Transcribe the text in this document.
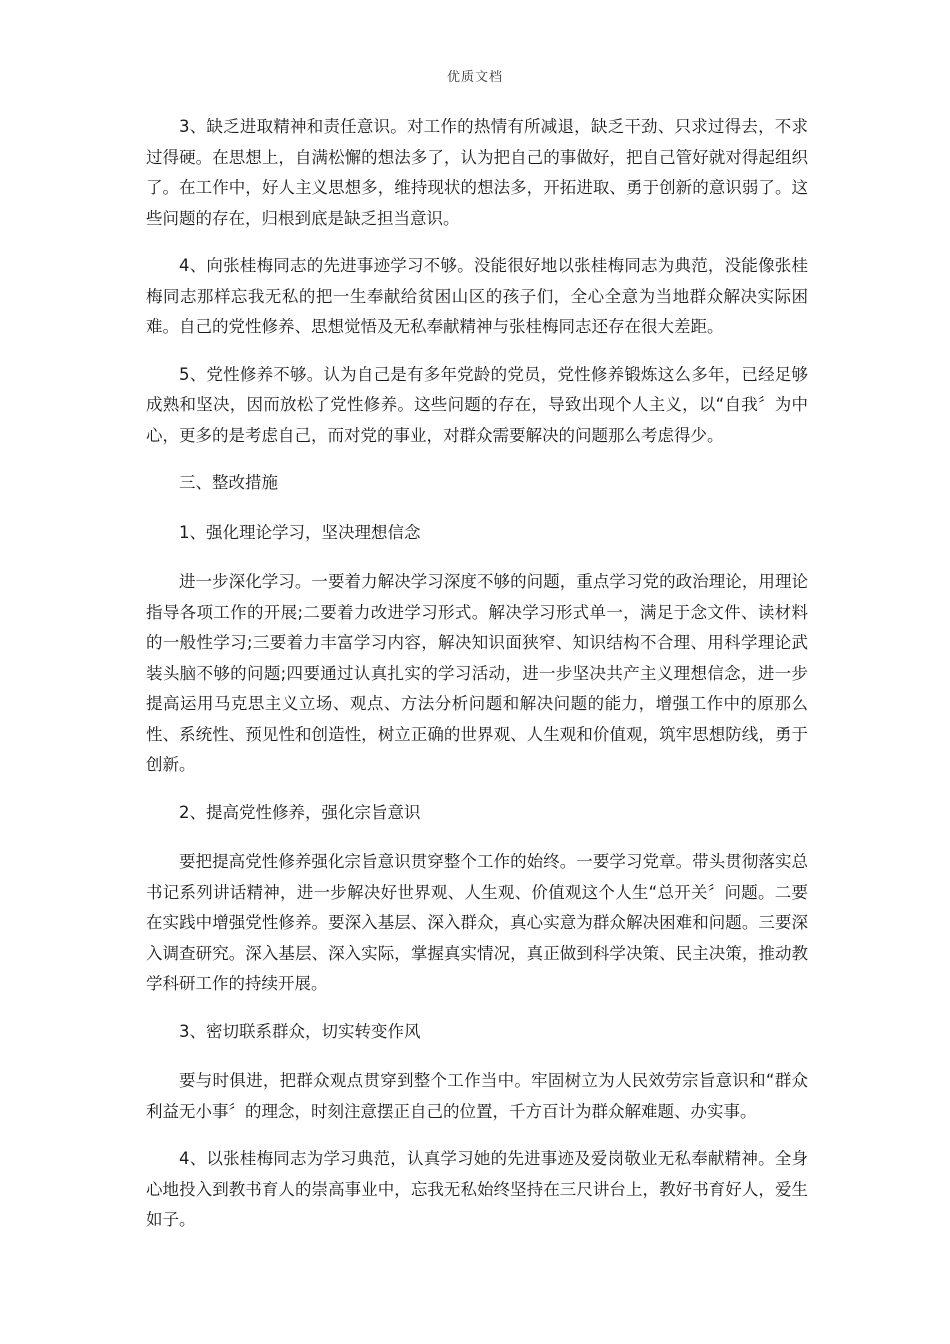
优质文档

3、缺乏进取精神和责任意识。对工作的热情有所减退，缺乏干劲、只求过得去，不求过得硬。在思想上，自满松懈的想法多了，认为把自己的事做好，把自己管好就对得起组织了。在工作中，好人主义思想多，维持现状的想法多，开拓进取、勇于创新的意识弱了。这些问题的存在，归根到底是缺乏担当意识。

4、向张桂梅同志的先进事迹学习不够。没能很好地以张桂梅同志为典范，没能像张桂梅同志那样忘我无私的把一生奉献给贫困山区的孩子们，全心全意为当地群众解决实际困难。自己的党性修养、思想觉悟及无私奉献精神与张桂梅同志还存在很大差距。

5、党性修养不够。认为自己是有多年党龄的党员，党性修养锻炼这么多年，已经足够成熟和坚决，因而放松了党性修养。这些问题的存在，导致出现个人主义，以“自我〞为中心，更多的是考虑自己，而对党的事业，对群众需要解决的问题那么考虑得少。

三、整改措施

1、强化理论学习，坚决理想信念

进一步深化学习。一要着力解决学习深度不够的问题，重点学习党的政治理论，用理论指导各项工作的开展;二要着力改进学习形式。解决学习形式单一，满足于念文件、读材料的一般性学习;三要着力丰富学习内容，解决知识面狭窄、知识结构不合理、用科学理论武装头脑不够的问题;四要通过认真扎实的学习活动，进一步坚决共产主义理想信念，进一步提高运用马克思主义立场、观点、方法分析问题和解决问题的能力，增强工作中的原那么性、系统性、预见性和创造性，树立正确的世界观、人生观和价值观，筑牢思想防线，勇于创新。

2、提高党性修养，强化宗旨意识

要把提高党性修养强化宗旨意识贯穿整个工作的始终。一要学习党章。带头贯彻落实总书记系列讲话精神，进一步解决好世界观、人生观、价值观这个人生“总开关〞问题。二要在实践中增强党性修养。要深入基层、深入群众，真心实意为群众解决困难和问题。三要深入调查研究。深入基层、深入实际，掌握真实情况，真正做到科学决策、民主决策，推动教学科研工作的持续开展。

3、密切联系群众，切实转变作风

要与时俱进，把群众观点贯穿到整个工作当中。牢固树立为人民效劳宗旨意识和“群众利益无小事〞的理念，时刻注意摆正自己的位置，千方百计为群众解难题、办实事。

4、以张桂梅同志为学习典范，认真学习她的先进事迹及爱岗敬业无私奉献精神。全身心地投入到教书育人的崇高事业中，忘我无私始终坚持在三尺讲台上，教好书育好人，爱生如子。
